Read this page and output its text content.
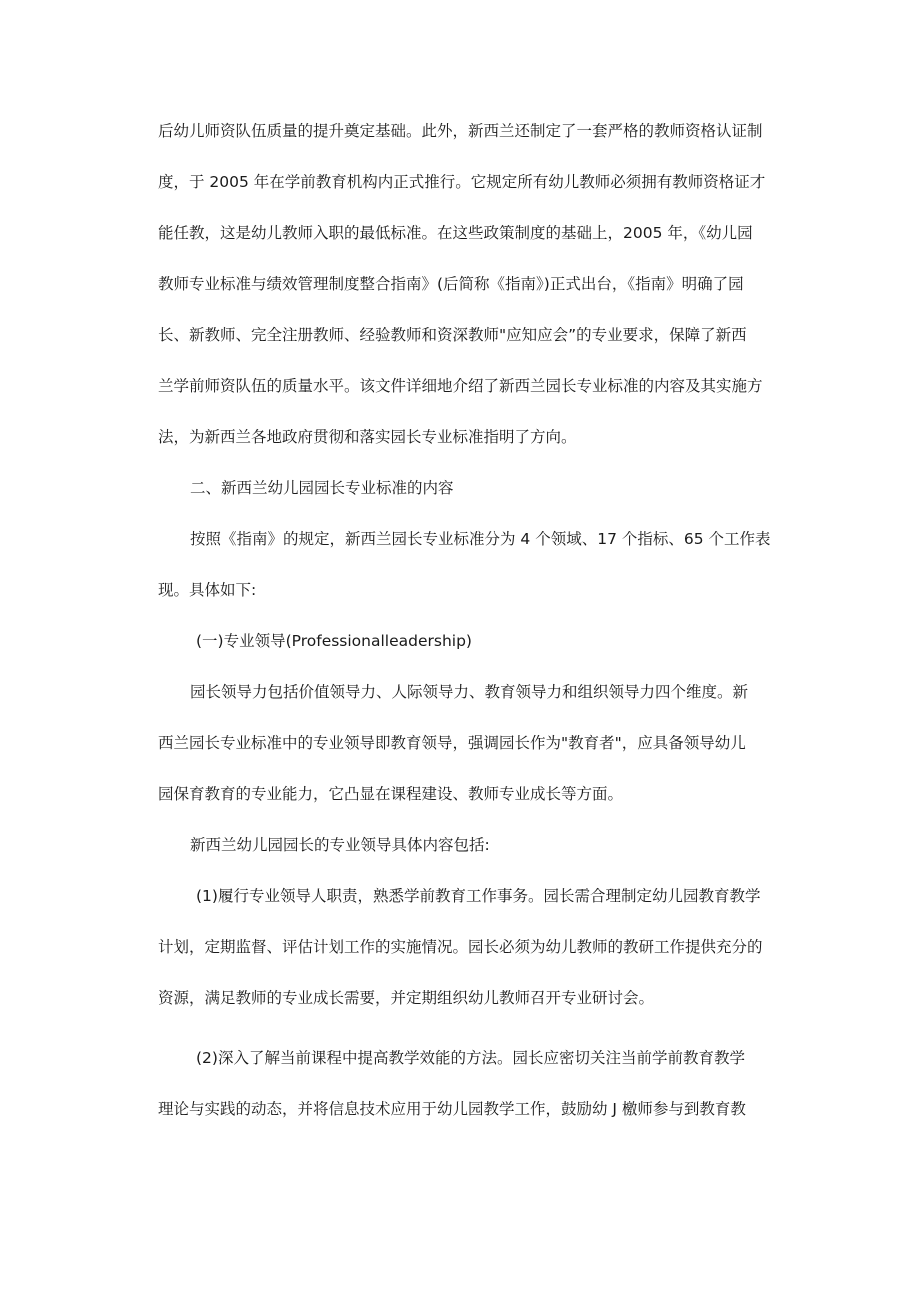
后幼儿师资队伍质量的提升奠定基础。此外，新西兰还制定了一套严格的教师资格认证制
度，于 2005 年在学前教育机构内正式推行。它规定所有幼儿教师必须拥有教师资格证才
能任教，这是幼儿教师入职的最低标准。在这些政策制度的基础上，2005 年，《幼儿园
教师专业标准与绩效管理制度整合指南》(后简称《指南》)正式出台，《指南》明确了园
长、新教师、完全注册教师、经验教师和资深教师"应知应会”的专业要求，保障了新西
兰学前师资队伍的质量水平。该文件详细地介绍了新西兰园长专业标准的内容及其实施方
法，为新西兰各地政府贯彻和落实园长专业标准指明了方向。
二、新西兰幼儿园园长专业标准的内容
按照《指南》的规定，新西兰园长专业标准分为 4 个领域、17 个指标、65 个工作表
现。具体如下:
(一)专业领导(Professionalleadership)
园长领导力包括价值领导力、人际领导力、教育领导力和组织领导力四个维度。新
西兰园长专业标准中的专业领导即教育领导，强调园长作为"教育者"，应具备领导幼儿
园保育教育的专业能力，它凸显在课程建设、教师专业成长等方面。
新西兰幼儿园园长的专业领导具体内容包括:
(1)履行专业领导人职责，熟悉学前教育工作事务。园长需合理制定幼儿园教育教学
计划，定期监督、评估计划工作的实施情况。园长必须为幼儿教师的教研工作提供充分的
资源，满足教师的专业成长需要，并定期组织幼儿教师召开专业研讨会。
(2)深入了解当前课程中提高教学效能的方法。园长应密切关注当前学前教育教学
理论与实践的动态，并将信息技术应用于幼儿园教学工作，鼓励幼 J 檄师参与到教育教
